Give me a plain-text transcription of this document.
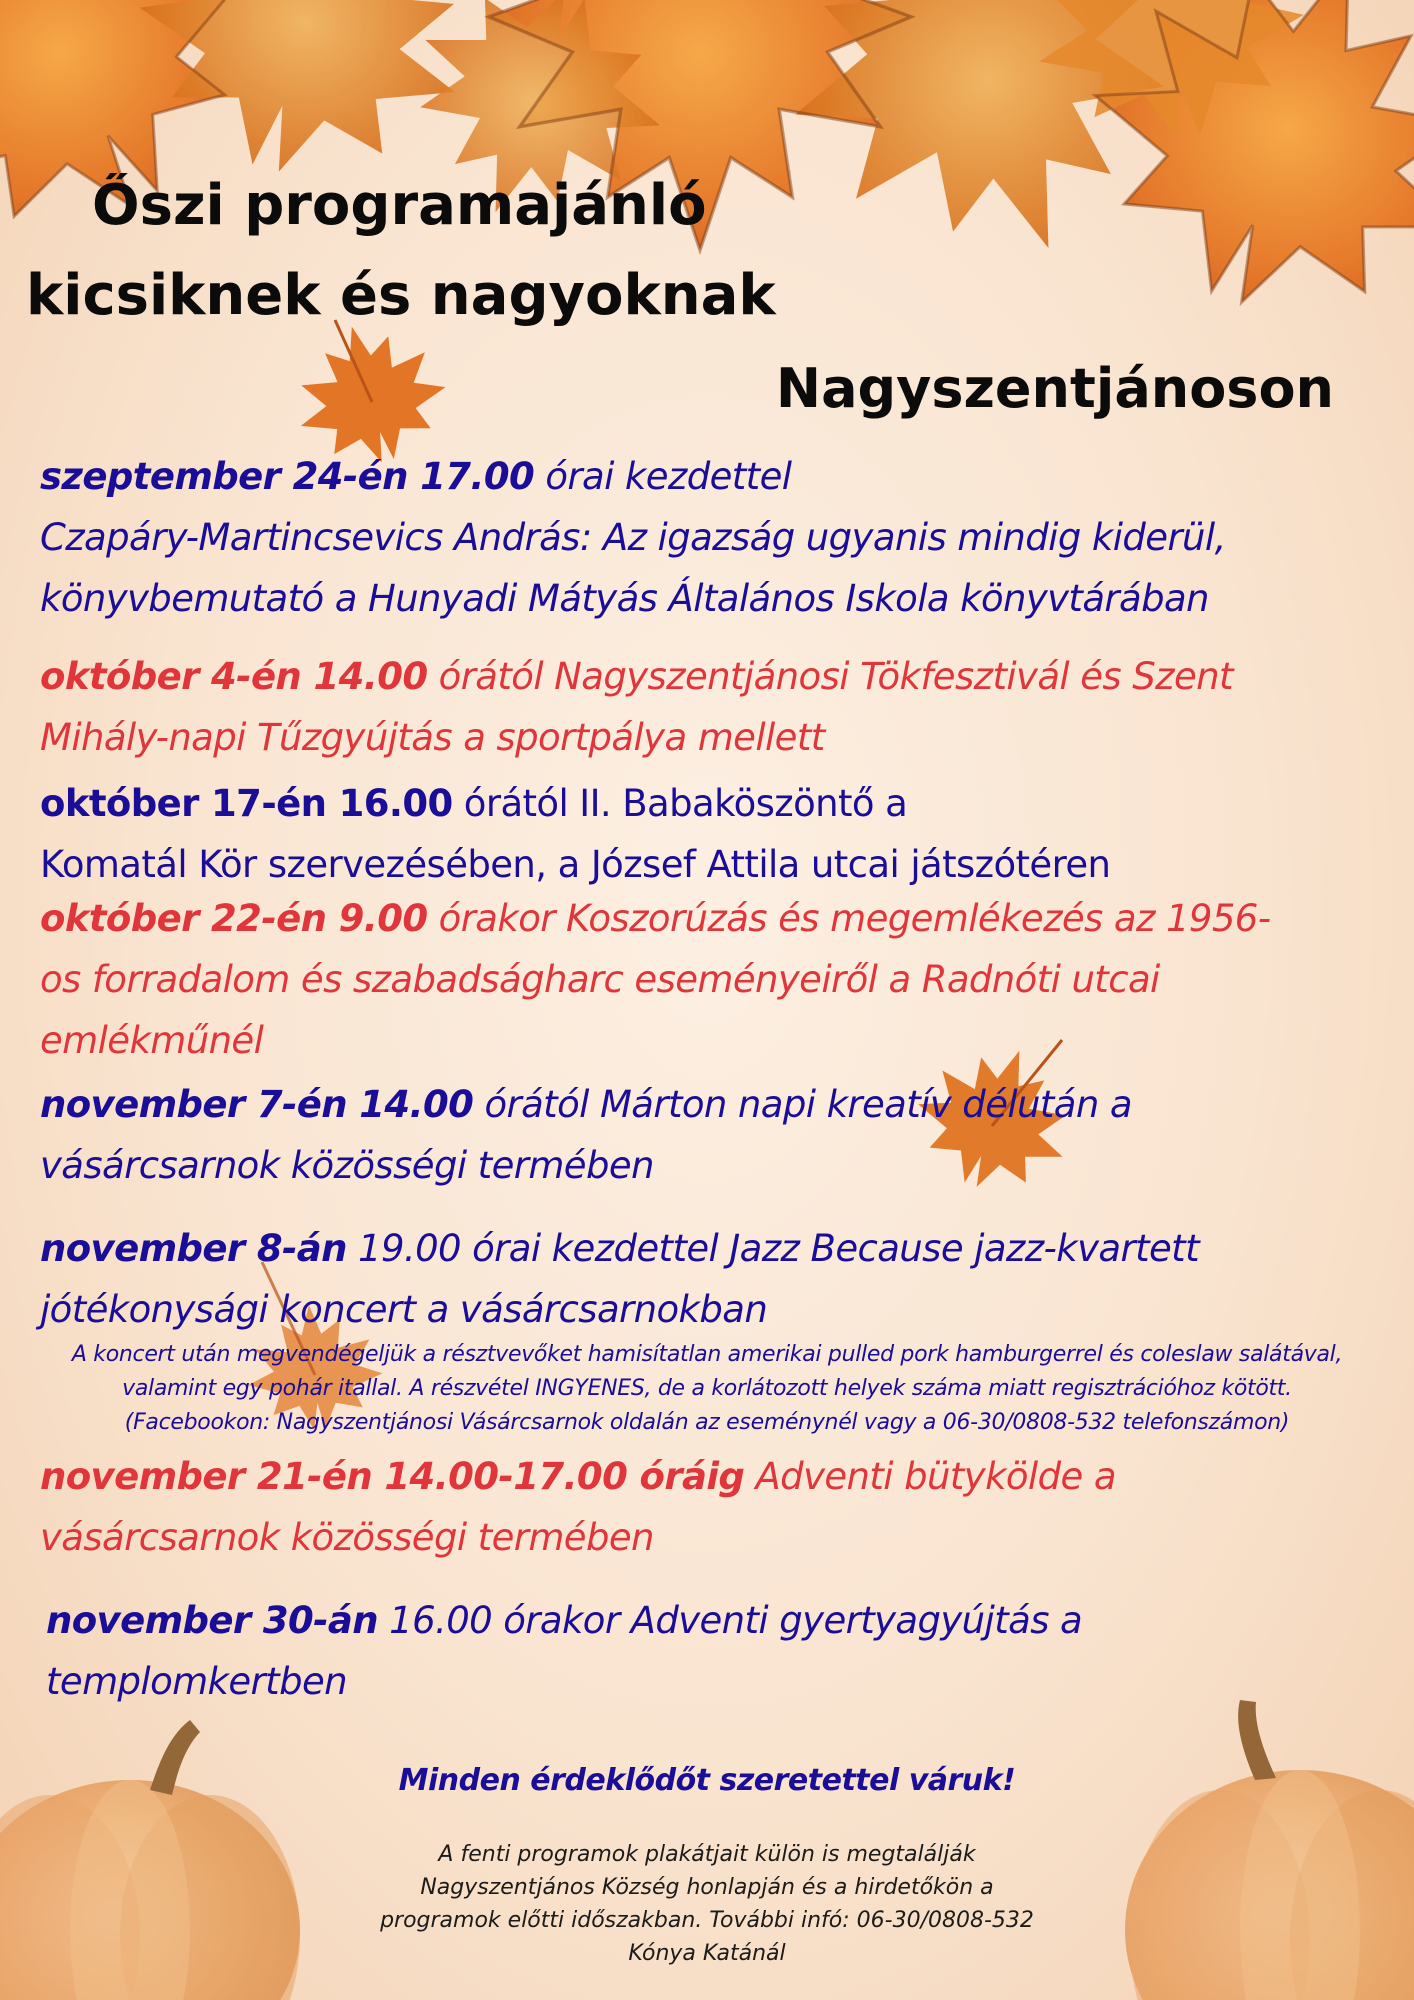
Őszi programajánló
kicsiknek és nagyoknak
Nagyszentjánoson
szeptember 24-én 17.00 órai kezdettel
Czapáry-Martincsevics András: Az igazság ugyanis mindig kiderül,
könyvbemutató a Hunyadi Mátyás Általános Iskola könyvtárában
október 4-én 14.00 órától Nagyszentjánosi Tökfesztivál és Szent
Mihály-napi Tűzgyújtás a sportpálya mellett
október 17-én 16.00 órától II. Babaköszöntő a
Komatál Kör szervezésében, a József Attila utcai játszótéren
október 22-én 9.00 órakor Koszorúzás és megemlékezés az 1956-
os forradalom és szabadságharc eseményeiről a Radnóti utcai
emlékműnél
november 7-én 14.00 órától Márton napi kreatív délután a
vásárcsarnok közösségi termében
november 8-án 19.00 órai kezdettel Jazz Because jazz-kvartett
jótékonysági koncert a vásárcsarnokban
A koncert után megvendégeljük a résztvevőket hamisítatlan amerikai pulled pork hamburgerrel és coleslaw salátával,
valamint egy pohár itallal. A részvétel INGYENES, de a korlátozott helyek száma miatt regisztrációhoz kötött.
(Facebookon: Nagyszentjánosi Vásárcsarnok oldalán az eseménynél vagy a 06-30/0808-532 telefonszámon)
november 21-én 14.00-17.00 óráig Adventi bütykölde a
vásárcsarnok közösségi termében
november 30-án 16.00 órakor Adventi gyertyagyújtás a
templomkertben
Minden érdeklődőt szeretettel váruk!
A fenti programok plakátjait külön is megtalálják
Nagyszentjános Község honlapján és a hirdetőkön a
programok előtti időszakban. További infó: 06-30/0808-532
Kónya Katánál
